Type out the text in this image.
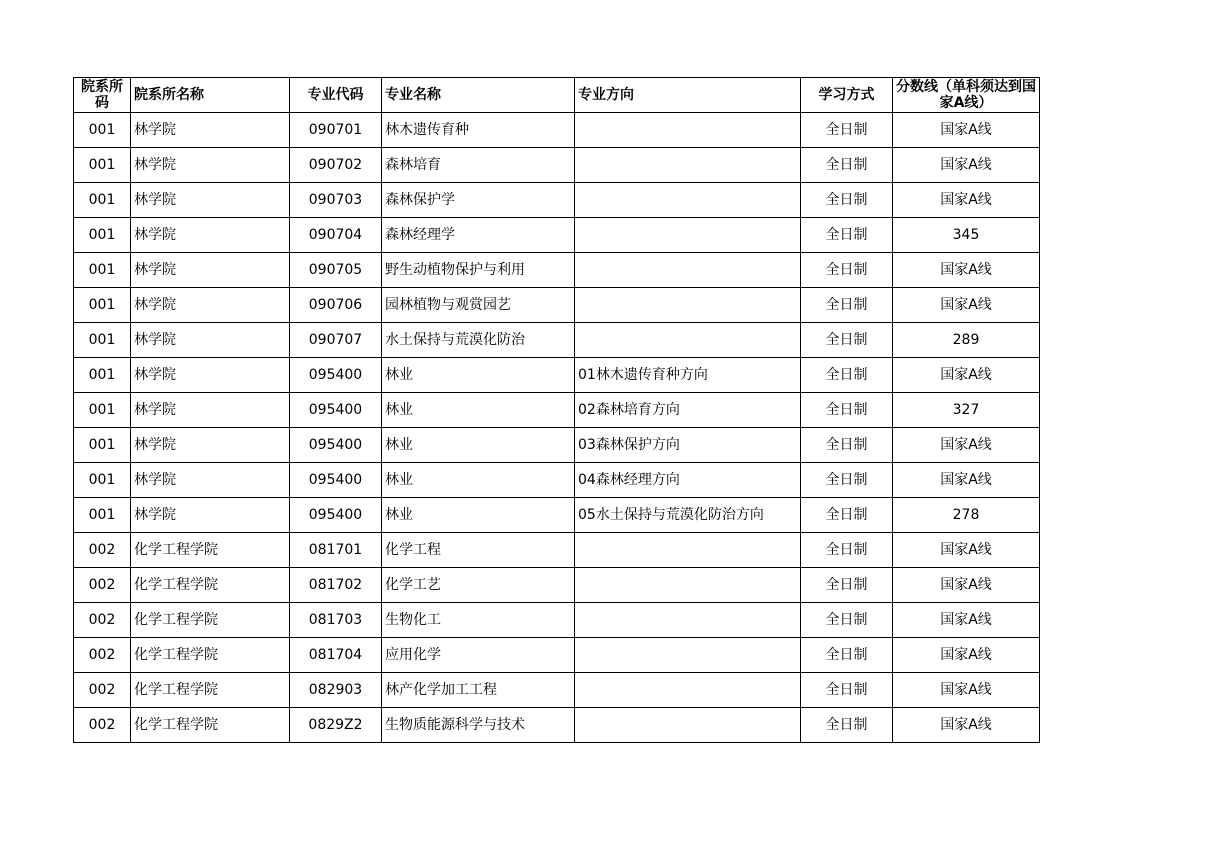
院系所码	院系所名称	专业代码	专业名称	专业方向	学习方式	分数线（单科须达到国家A线）
001	林学院	090701	林木遗传育种		全日制	国家A线
001	林学院	090702	森林培育		全日制	国家A线
001	林学院	090703	森林保护学		全日制	国家A线
001	林学院	090704	森林经理学		全日制	345
001	林学院	090705	野生动植物保护与利用		全日制	国家A线
001	林学院	090706	园林植物与观赏园艺		全日制	国家A线
001	林学院	090707	水土保持与荒漠化防治		全日制	289
001	林学院	095400	林业	01林木遗传育种方向	全日制	国家A线
001	林学院	095400	林业	02森林培育方向	全日制	327
001	林学院	095400	林业	03森林保护方向	全日制	国家A线
001	林学院	095400	林业	04森林经理方向	全日制	国家A线
001	林学院	095400	林业	05水土保持与荒漠化防治方向	全日制	278
002	化学工程学院	081701	化学工程		全日制	国家A线
002	化学工程学院	081702	化学工艺		全日制	国家A线
002	化学工程学院	081703	生物化工		全日制	国家A线
002	化学工程学院	081704	应用化学		全日制	国家A线
002	化学工程学院	082903	林产化学加工工程		全日制	国家A线
002	化学工程学院	0829Z2	生物质能源科学与技术		全日制	国家A线
